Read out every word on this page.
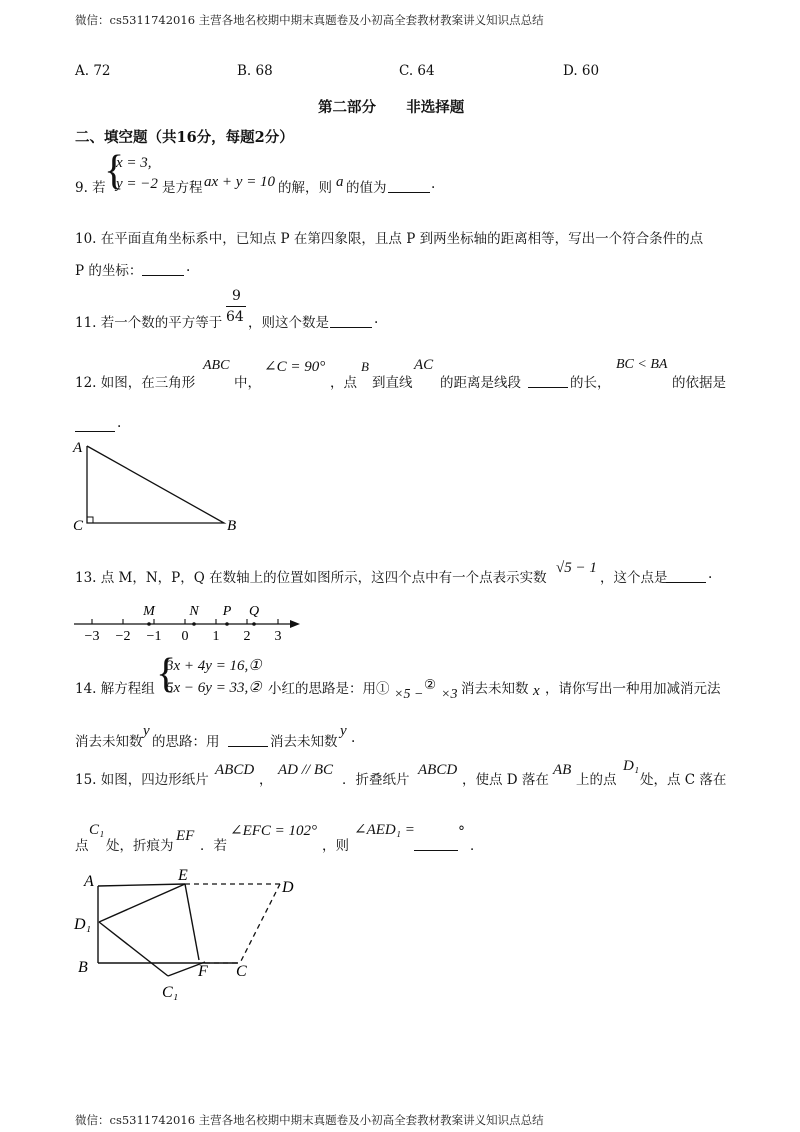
微信：cs5311742016 主营各地名校期中期末真题卷及小初高全套教材教案讲义知识点总结
微信：cs5311742016 主营各地名校期中期末真题卷及小初高全套教材教案讲义知识点总结
A. 72	B. 68	C. 64	D. 60
第二部分      非选择题
二、填空题（共16分，每题2分）
{
9. 若
x = 3,
y = −2 是方程 ax + y = 10 的解，则 a 的值为	.
10. 在平面直角坐标系中，已知点 P 在第四象限，且点 P 到两坐标轴的距离相等，写出一个符合条件的点
P 的坐标：	.
11. 若一个数的平方等于
9
64 ，则这个数是	.
12. 如图，在三角形
ABC
中，
∠C = 90°
，点
B
到直线
AC
的距离是线段	的长，
BC < BA
的依据是
.
A
C	B
13. 点 M，N，P，Q 在数轴上的位置如图所示，这四个点中有一个点表示实数
√5 − 1
，这个点是	.
−3 −2 −1 0 1 2 3
M N P Q
14. 解方程组 {
3x + 4y = 16,①
5x − 6y = 33,② 小红的思路是：用① ×5 −
②
×3 消去未知数 x ，请你写出一种用加减消元法
消去未知数
y
的思路：用	消去未知数
y .
15. 如图，四边形纸片
ABCD
，
AD // BC
．折叠纸片
ABCD
，使点 D 落在
AB
上的点
D₁
处，点 C 落在
点
C₁
处，折痕为
EF
．若
∠EFC = 102°
，则
∠AED₁ =	°
．
A	E
D
D₁
B	F C
C₁
